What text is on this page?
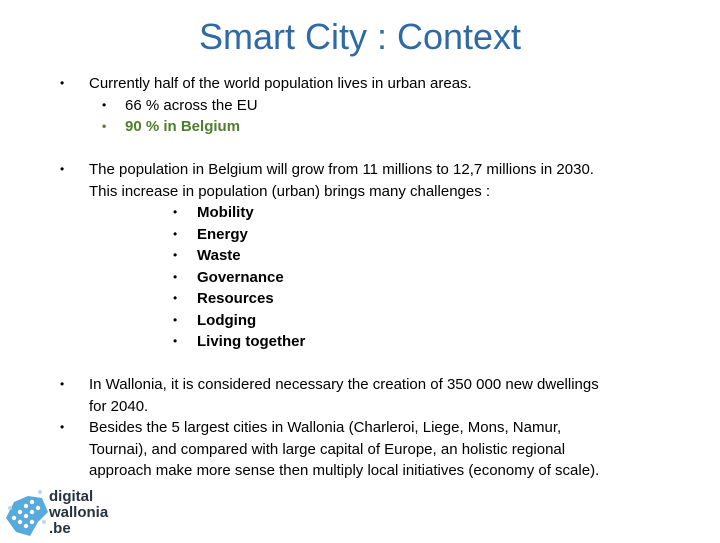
Smart City : Context
• Currently half of the world population lives in urban areas.
• 66 % across the EU
• 90 % in Belgium
• The population in Belgium will grow from 11 millions to 12,7 millions in 2030.
This increase in population (urban) brings many challenges :
• Mobility
• Energy
• Waste
• Governance
• Resources
• Lodging
• Living together
• In Wallonia, it is considered necessary the creation of 350 000 new dwellings
for 2040.
• Besides the 5 largest cities in Wallonia (Charleroi, Liege, Mons, Namur,
Tournai), and compared with large capital of Europe, an holistic regional
approach make more sense then multiply local initiatives (economy of scale).
digital
wallonia
.be
